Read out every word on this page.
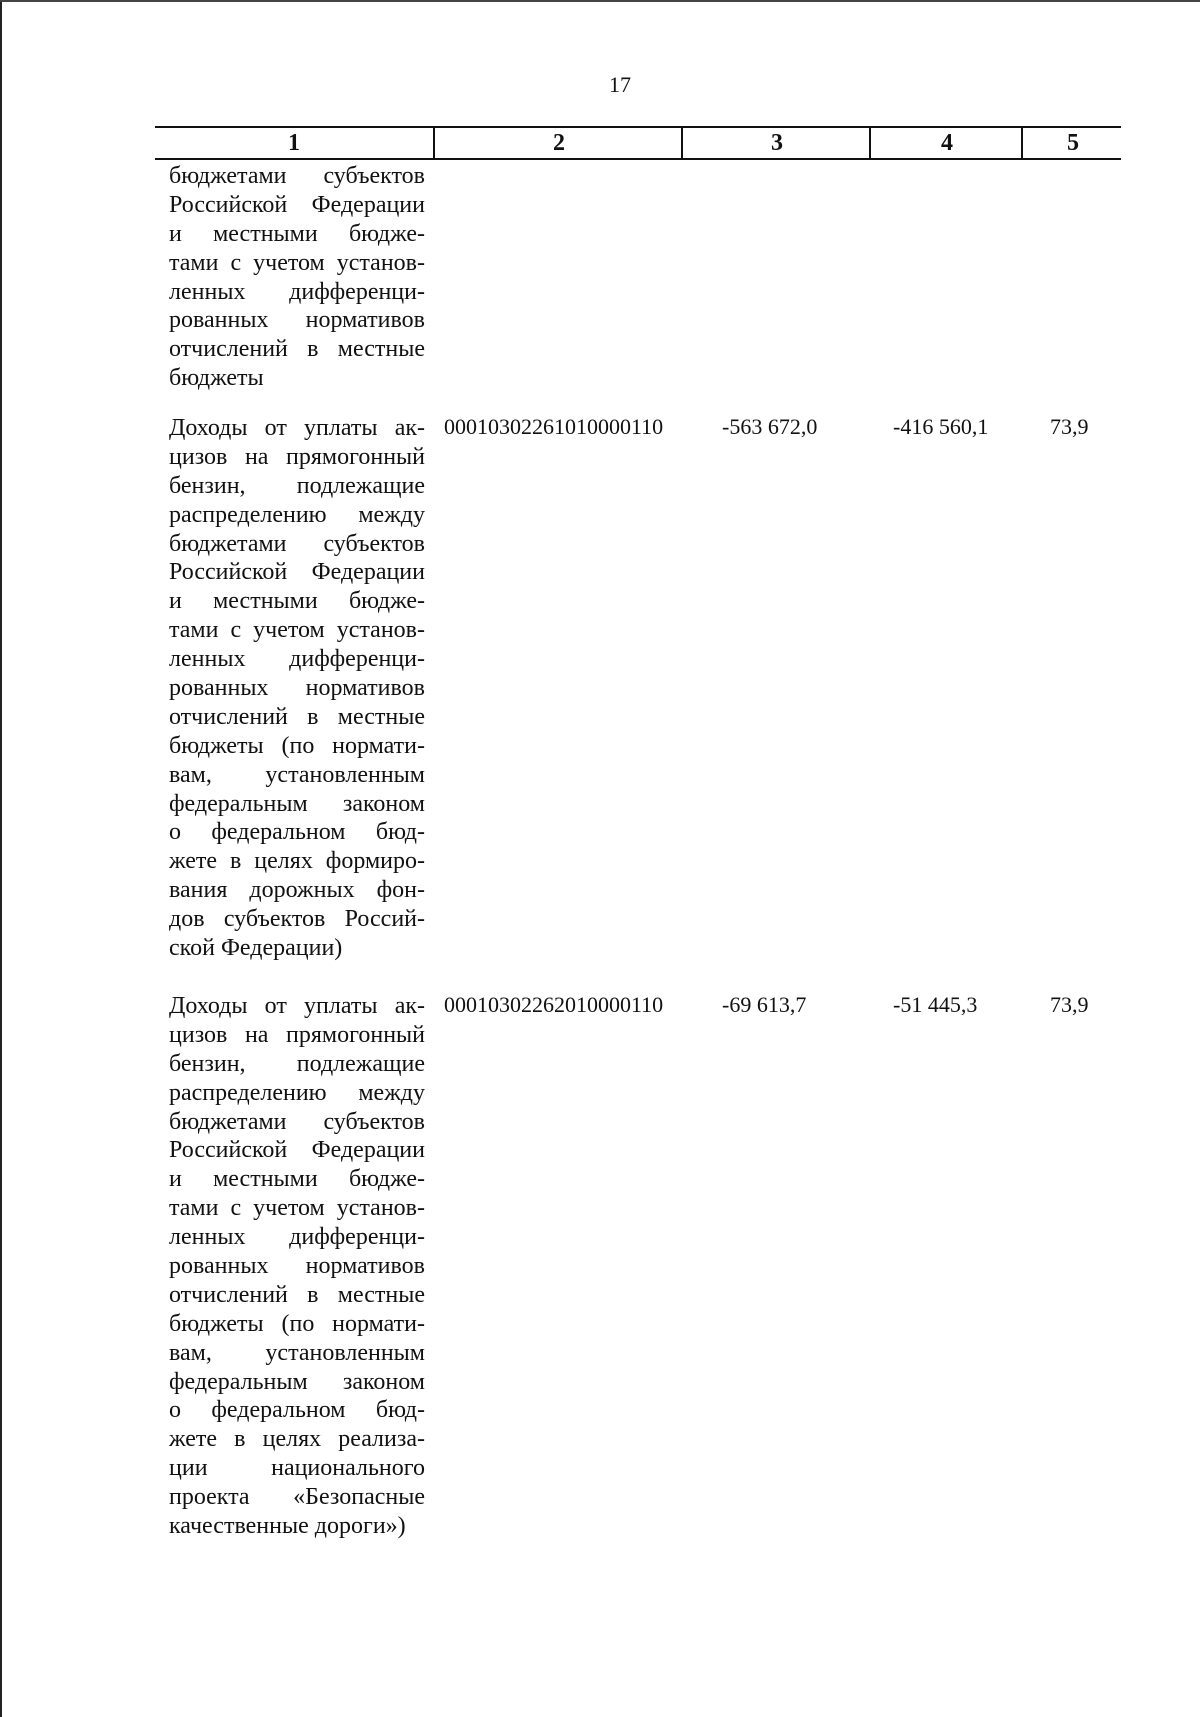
17
1	2	3	4	5
бюджетами субъектов
Российской Федерации
и местными бюдже-
тами с учетом установ-
ленных дифференци-
рованных нормативов
отчислений в местные
бюджеты
Доходы от уплаты ак-
цизов на прямогонный
бензин, подлежащие
распределению между
бюджетами субъектов
Российской Федерации
и местными бюдже-
тами с учетом установ-
ленных дифференци-
рованных нормативов
отчислений в местные
бюджеты (по нормати-
вам, установленным
федеральным законом
о федеральном бюд-
жете в целях формиро-
вания дорожных фон-
дов субъектов Россий-
ской Федерации)
00010302261010000110	-563 672,0	-416 560,1	73,9
Доходы от уплаты ак-
цизов на прямогонный
бензин, подлежащие
распределению между
бюджетами субъектов
Российской Федерации
и местными бюдже-
тами с учетом установ-
ленных дифференци-
рованных нормативов
отчислений в местные
бюджеты (по нормати-
вам, установленным
федеральным законом
о федеральном бюд-
жете в целях реализа-
ции национального
проекта «Безопасные
качественные дороги»)
00010302262010000110	-69 613,7	-51 445,3	73,9
